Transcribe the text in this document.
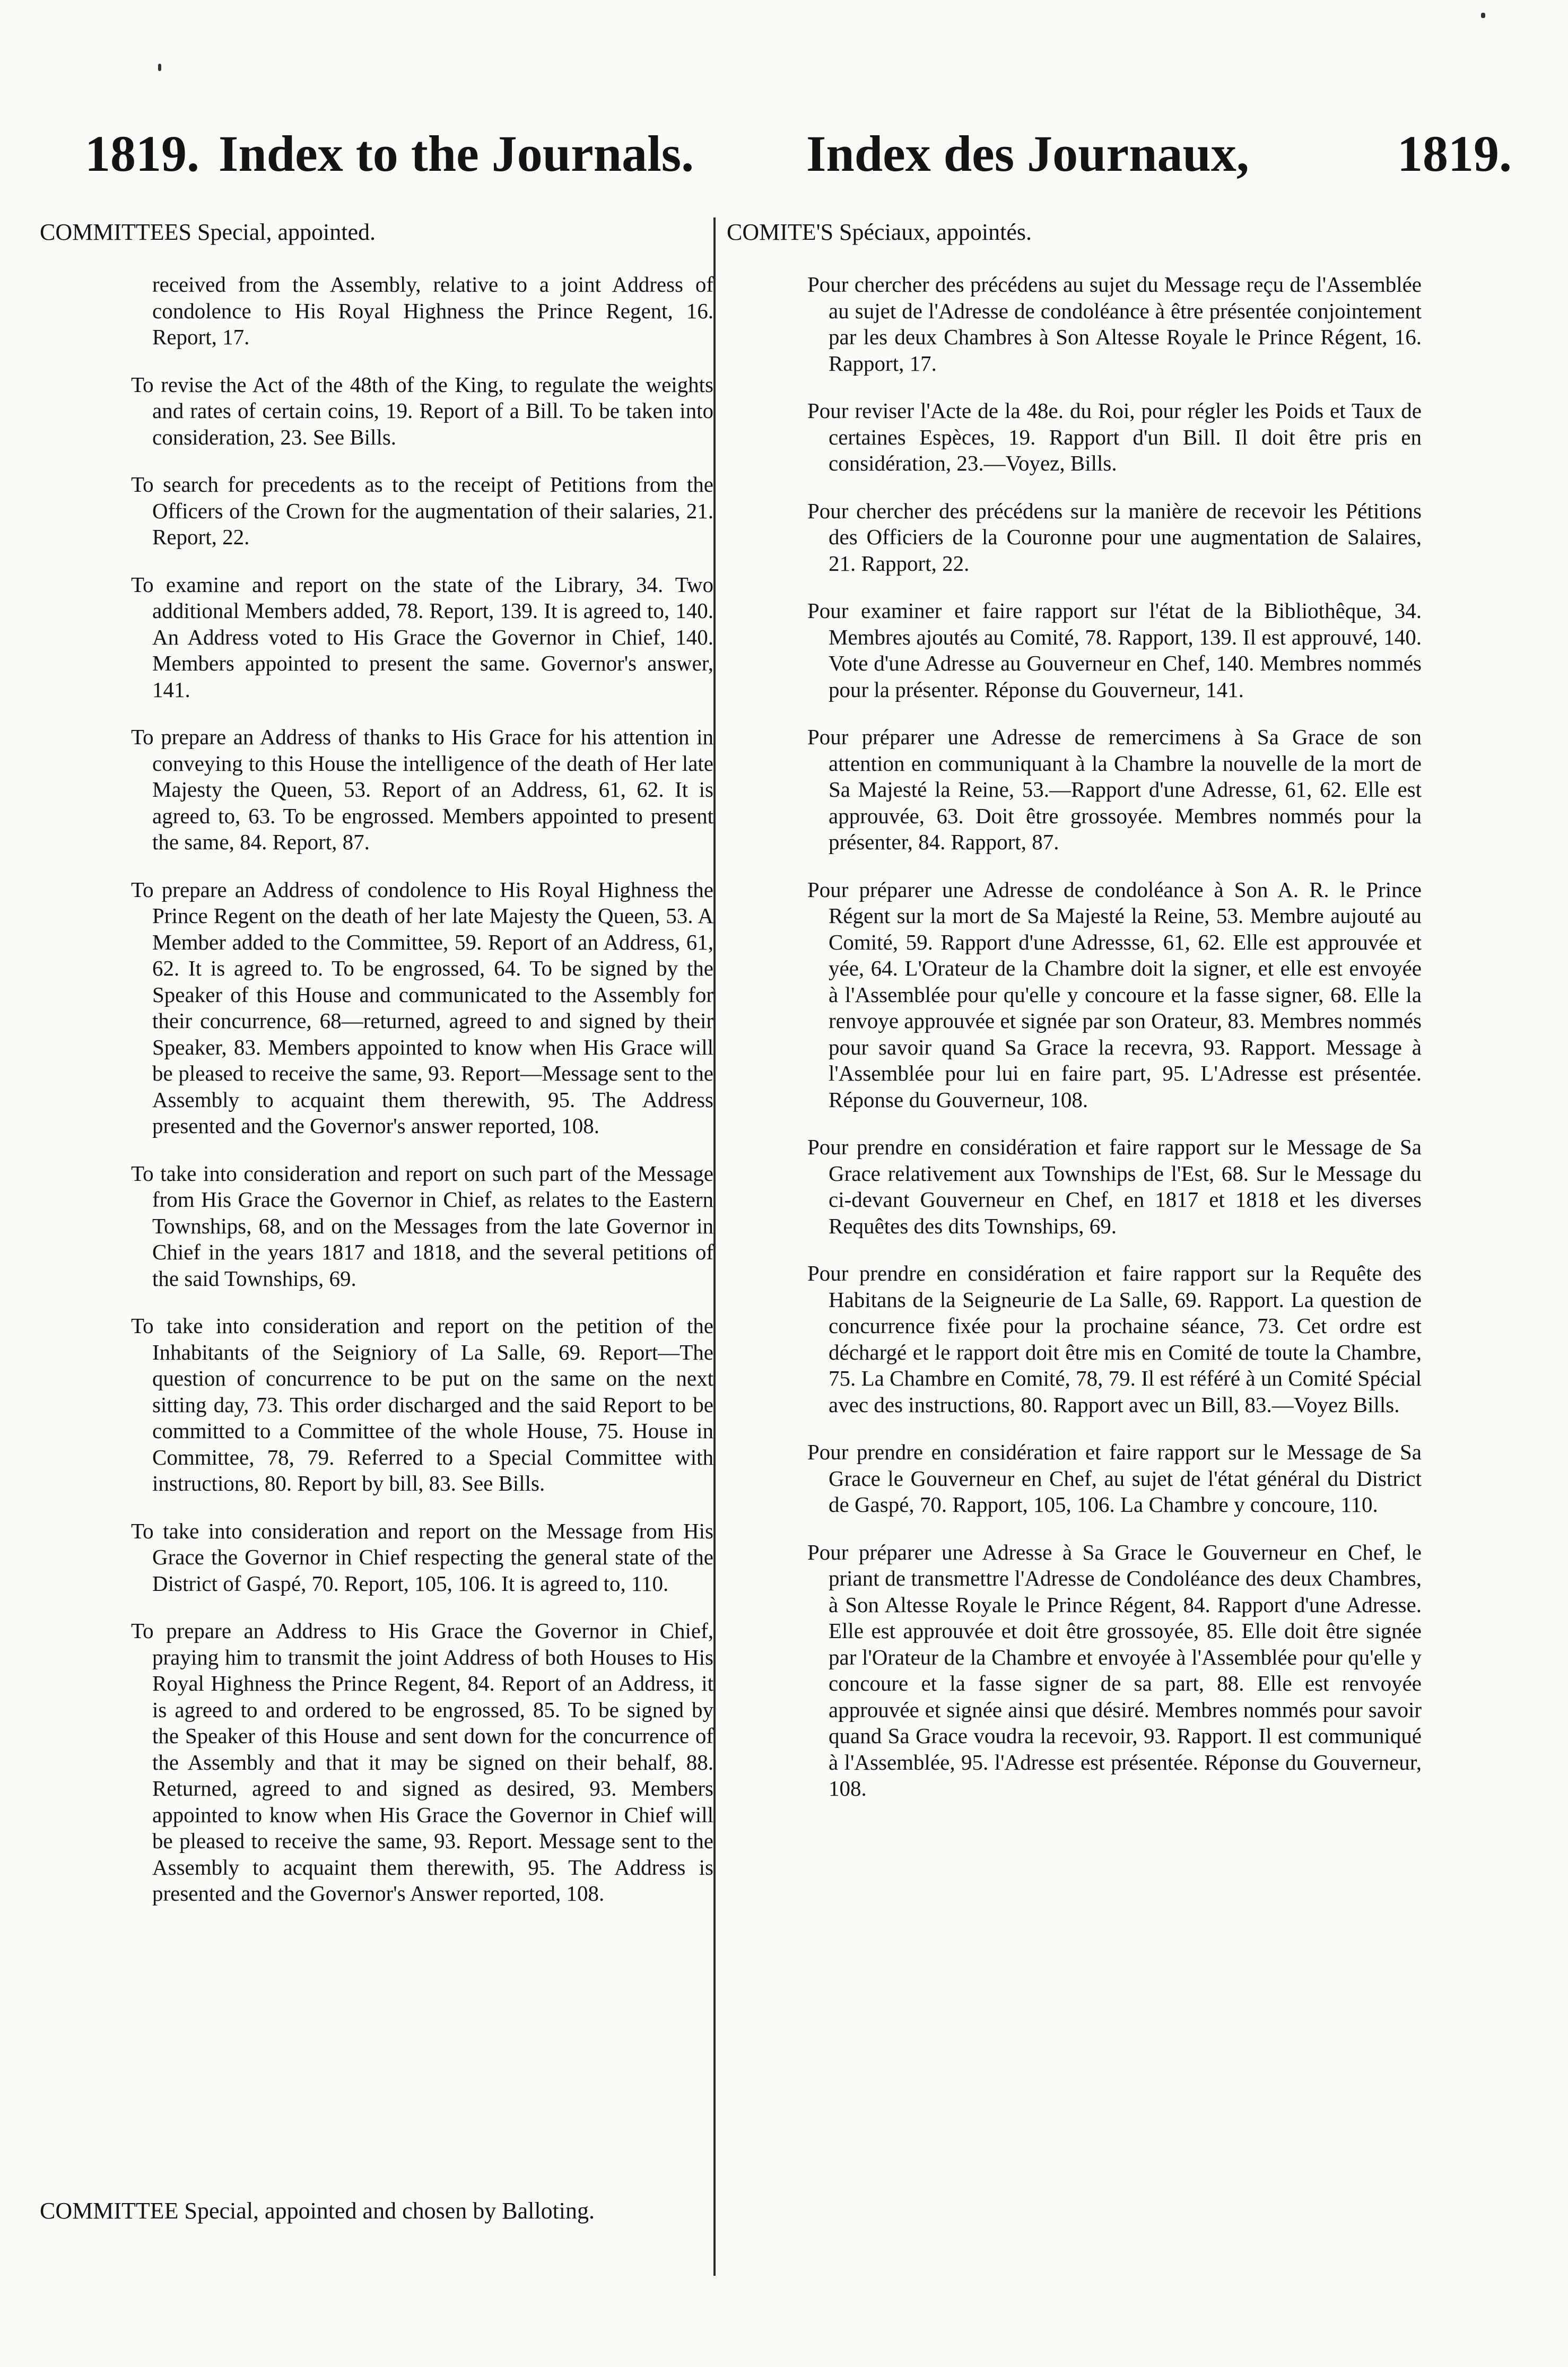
1819. Index to the Journals.	Index des Journaux,	1819.
COMMITTEES Special, appointed.

received from the Assembly, relative to a joint Address of condolence to His Royal Highness the Prince Regent, 16. Report, 17.

To revise the Act of the 48th of the King, to regulate the weights and rates of certain coins, 19. Report of a Bill. To be taken into consideration, 23. See Bills.

To search for precedents as to the receipt of Petitions from the Officers of the Crown for the augmentation of their salaries, 21. Report, 22.

To examine and report on the state of the Library, 34. Two additional Members added, 78. Report, 139. It is agreed to, 140. An Address voted to His Grace the Governor in Chief, 140. Members appointed to present the same. Governor's answer, 141.

To prepare an Address of thanks to His Grace for his attention in conveying to this House the intelligence of the death of Her late Majesty the Queen, 53. Report of an Address, 61, 62. It is agreed to, 63. To be engrossed. Members appointed to present the same, 84. Report, 87.

To prepare an Address of condolence to His Royal Highness the Prince Regent on the death of her late Majesty the Queen, 53. A Member added to the Committee, 59. Report of an Address, 61, 62. It is agreed to. To be engrossed, 64. To be signed by the Speaker of this House and communicated to the Assembly for their concurrence, 68—returned, agreed to and signed by their Speaker, 83. Members appointed to know when His Grace will be pleased to receive the same, 93. Report—Message sent to the Assembly to acquaint them therewith, 95. The Address presented and the Governor's answer reported, 108.

To take into consideration and report on such part of the Message from His Grace the Governor in Chief, as relates to the Eastern Townships, 68, and on the Messages from the late Governor in Chief in the years 1817 and 1818, and the several petitions of the said Townships, 69.

To take into consideration and report on the petition of the Inhabitants of the Seigniory of La Salle, 69. Report—The question of concurrence to be put on the same on the next sitting day, 73. This order discharged and the said Report to be committed to a Committee of the whole House, 75. House in Committee, 78, 79. Referred to a Special Committee with instructions, 80. Report by bill, 83. See Bills.

To take into consideration and report on the Message from His Grace the Governor in Chief respecting the general state of the District of Gaspé, 70. Report, 105, 106. It is agreed to, 110.

To prepare an Address to His Grace the Governor in Chief, praying him to transmit the joint Address of both Houses to His Royal Highness the Prince Regent, 84. Report of an Address, it is agreed to and ordered to be engrossed, 85. To be signed by the Speaker of this House and sent down for the concurrence of the Assembly and that it may be signed on their behalf, 88. Returned, agreed to and signed as desired, 93. Members appointed to know when His Grace the Governor in Chief will be pleased to receive the same, 93. Report. Message sent to the Assembly to acquaint them therewith, 95. The Address is presented and the Governor's Answer reported, 108.

COMITE'S Spéciaux, appointés.

Pour chercher des précédens au sujet du Message reçu de l'Assemblée au sujet de l'Adresse de condoléance à être présentée conjointement par les deux Chambres à Son Altesse Royale le Prince Régent, 16. Rapport, 17.

Pour reviser l'Acte de la 48e. du Roi, pour régler les Poids et Taux de certaines Espèces, 19. Rapport d'un Bill. Il doit être pris en considération, 23.—Voyez, Bills.

Pour chercher des précédens sur la manière de recevoir les Pétitions des Officiers de la Couronne pour une augmentation de Salaires, 21. Rapport, 22.

Pour examiner et faire rapport sur l'état de la Bibliothêque, 34. Membres ajoutés au Comité, 78. Rapport, 139. Il est approuvé, 140. Vote d'une Adresse au Gouverneur en Chef, 140. Membres nommés pour la présenter. Réponse du Gouverneur, 141.

Pour préparer une Adresse de remercimens à Sa Grace de son attention en communiquant à la Chambre la nouvelle de la mort de Sa Majesté la Reine, 53.—Rapport d'une Adresse, 61, 62. Elle est approuvée, 63. Doit être grossoyée. Membres nommés pour la présenter, 84. Rapport, 87.

Pour préparer une Adresse de condoléance à Son A. R. le Prince Régent sur la mort de Sa Majesté la Reine, 53. Membre aujouté au Comité, 59. Rapport d'une Adressse, 61, 62. Elle est approuvée et yée, 64. L'Orateur de la Chambre doit la signer, et elle est envoyée à l'Assemblée pour qu'elle y concoure et la fasse signer, 68. Elle la renvoye approuvée et signée par son Orateur, 83. Membres nommés pour savoir quand Sa Grace la recevra, 93. Rapport. Message à l'Assemblée pour lui en faire part, 95. L'Adresse est présentée. Réponse du Gouverneur, 108.

Pour prendre en considération et faire rapport sur le Message de Sa Grace relativement aux Townships de l'Est, 68. Sur le Message du ci-devant Gouverneur en Chef, en 1817 et 1818 et les diverses Requêtes des dits Townships, 69.

Pour prendre en considération et faire rapport sur la Requête des Habitans de la Seigneurie de La Salle, 69. Rapport. La question de concurrence fixée pour la prochaine séance, 73. Cet ordre est déchargé et le rapport doit être mis en Comité de toute la Chambre, 75. La Chambre en Comité, 78, 79. Il est référé à un Comité Spécial avec des instructions, 80. Rapport avec un Bill, 83.—Voyez Bills.

Pour prendre en considération et faire rapport sur le Message de Sa Grace le Gouverneur en Chef, au sujet de l'état général du District de Gaspé, 70. Rapport, 105, 106. La Chambre y concoure, 110.

Pour préparer une Adresse à Sa Grace le Gouverneur en Chef, le priant de transmettre l'Adresse de Condoléance des deux Chambres, à Son Altesse Royale le Prince Régent, 84. Rapport d'une Adresse. Elle est approuvée et doit être grossoyée, 85. Elle doit être signée par l'Orateur de la Chambre et envoyée à l'Assemblée pour qu'elle y concoure et la fasse signer de sa part, 88. Elle est renvoyée approuvée et signée ainsi que désiré. Membres nommés pour savoir quand Sa Grace voudra la recevoir, 93. Rapport. Il est communiqué à l'Assemblée, 95. l'Adresse est présentée. Réponse du Gouverneur, 108.

COMMITTEE Special, appointed and chosen by Balloting.
